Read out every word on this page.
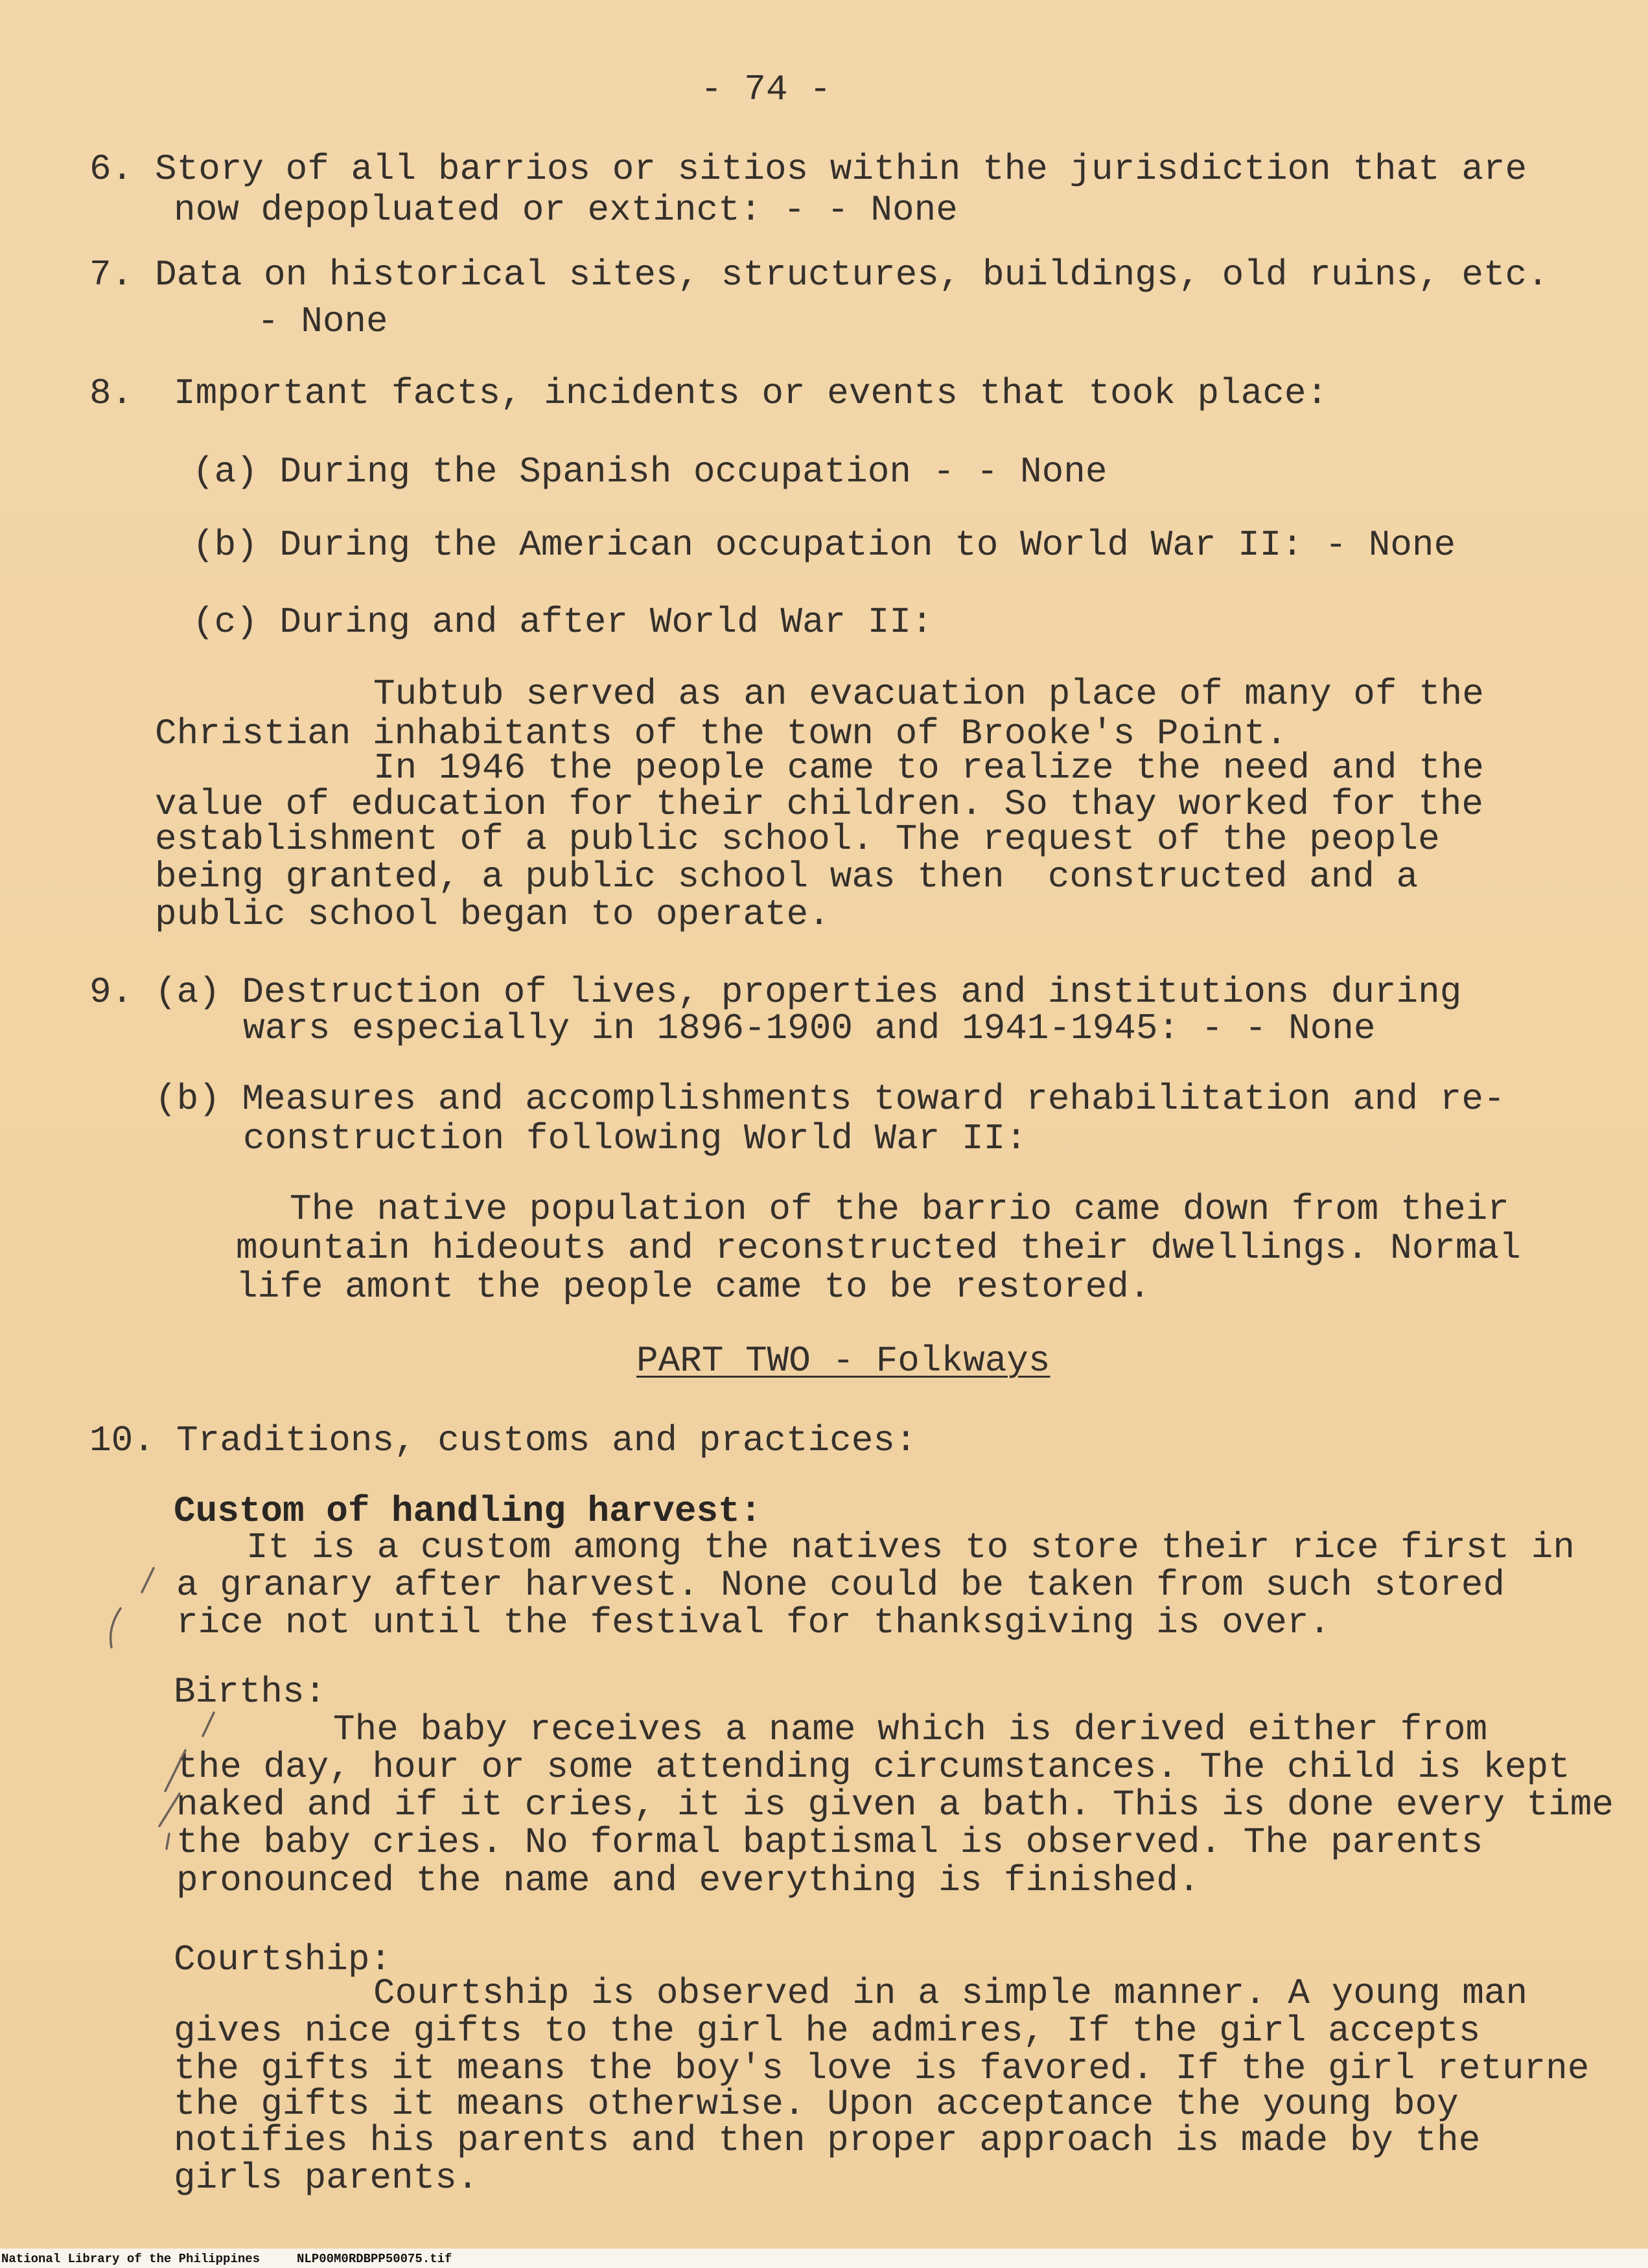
- 74 -
6. Story of all barrios or sitios within the jurisdiction that are
now depopluated or extinct: - - None
7. Data on historical sites, structures, buildings, old ruins, etc.
- None
8. Important facts, incidents or events that took place:
(a) During the Spanish occupation - - None
(b) During the American occupation to World War II: - None
(c) During and after World War II:
Tubtub served as an evacuation place of many of the
Christian inhabitants of the town of Brooke's Point.
In 1946 the people came to realize the need and the
value of education for their children. So thay worked for the
establishment of a public school. The request of the people
being granted, a public school was then  constructed and a
public school began to operate.
9. (a) Destruction of lives, properties and institutions during
wars especially in 1896-1900 and 1941-1945: - - None
(b) Measures and accomplishments toward rehabilitation and re-
construction following World War II:
The native population of the barrio came down from their
mountain hideouts and reconstructed their dwellings. Normal
life amont the people came to be restored.
PART TWO - Folkways
10. Traditions, customs and practices:
Custom of handling harvest:
It is a custom among the natives to store their rice first in
a granary after harvest. None could be taken from such stored
rice not until the festival for thanksgiving is over.
Births:
The baby receives a name which is derived either from
the day, hour or some attending circumstances. The child is kept
naked and if it cries, it is given a bath. This is done every time
the baby cries. No formal baptismal is observed. The parents
pronounced the name and everything is finished.
Courtship:
Courtship is observed in a simple manner. A young man
gives nice gifts to the girl he admires, If the girl accepts
the gifts it means the boy's love is favored. If the girl returne
the gifts it means otherwise. Upon acceptance the young boy
notifies his parents and then proper approach is made by the
girls parents.
National Library of the Philippines	NLP00M0RDBPP50075.tif
